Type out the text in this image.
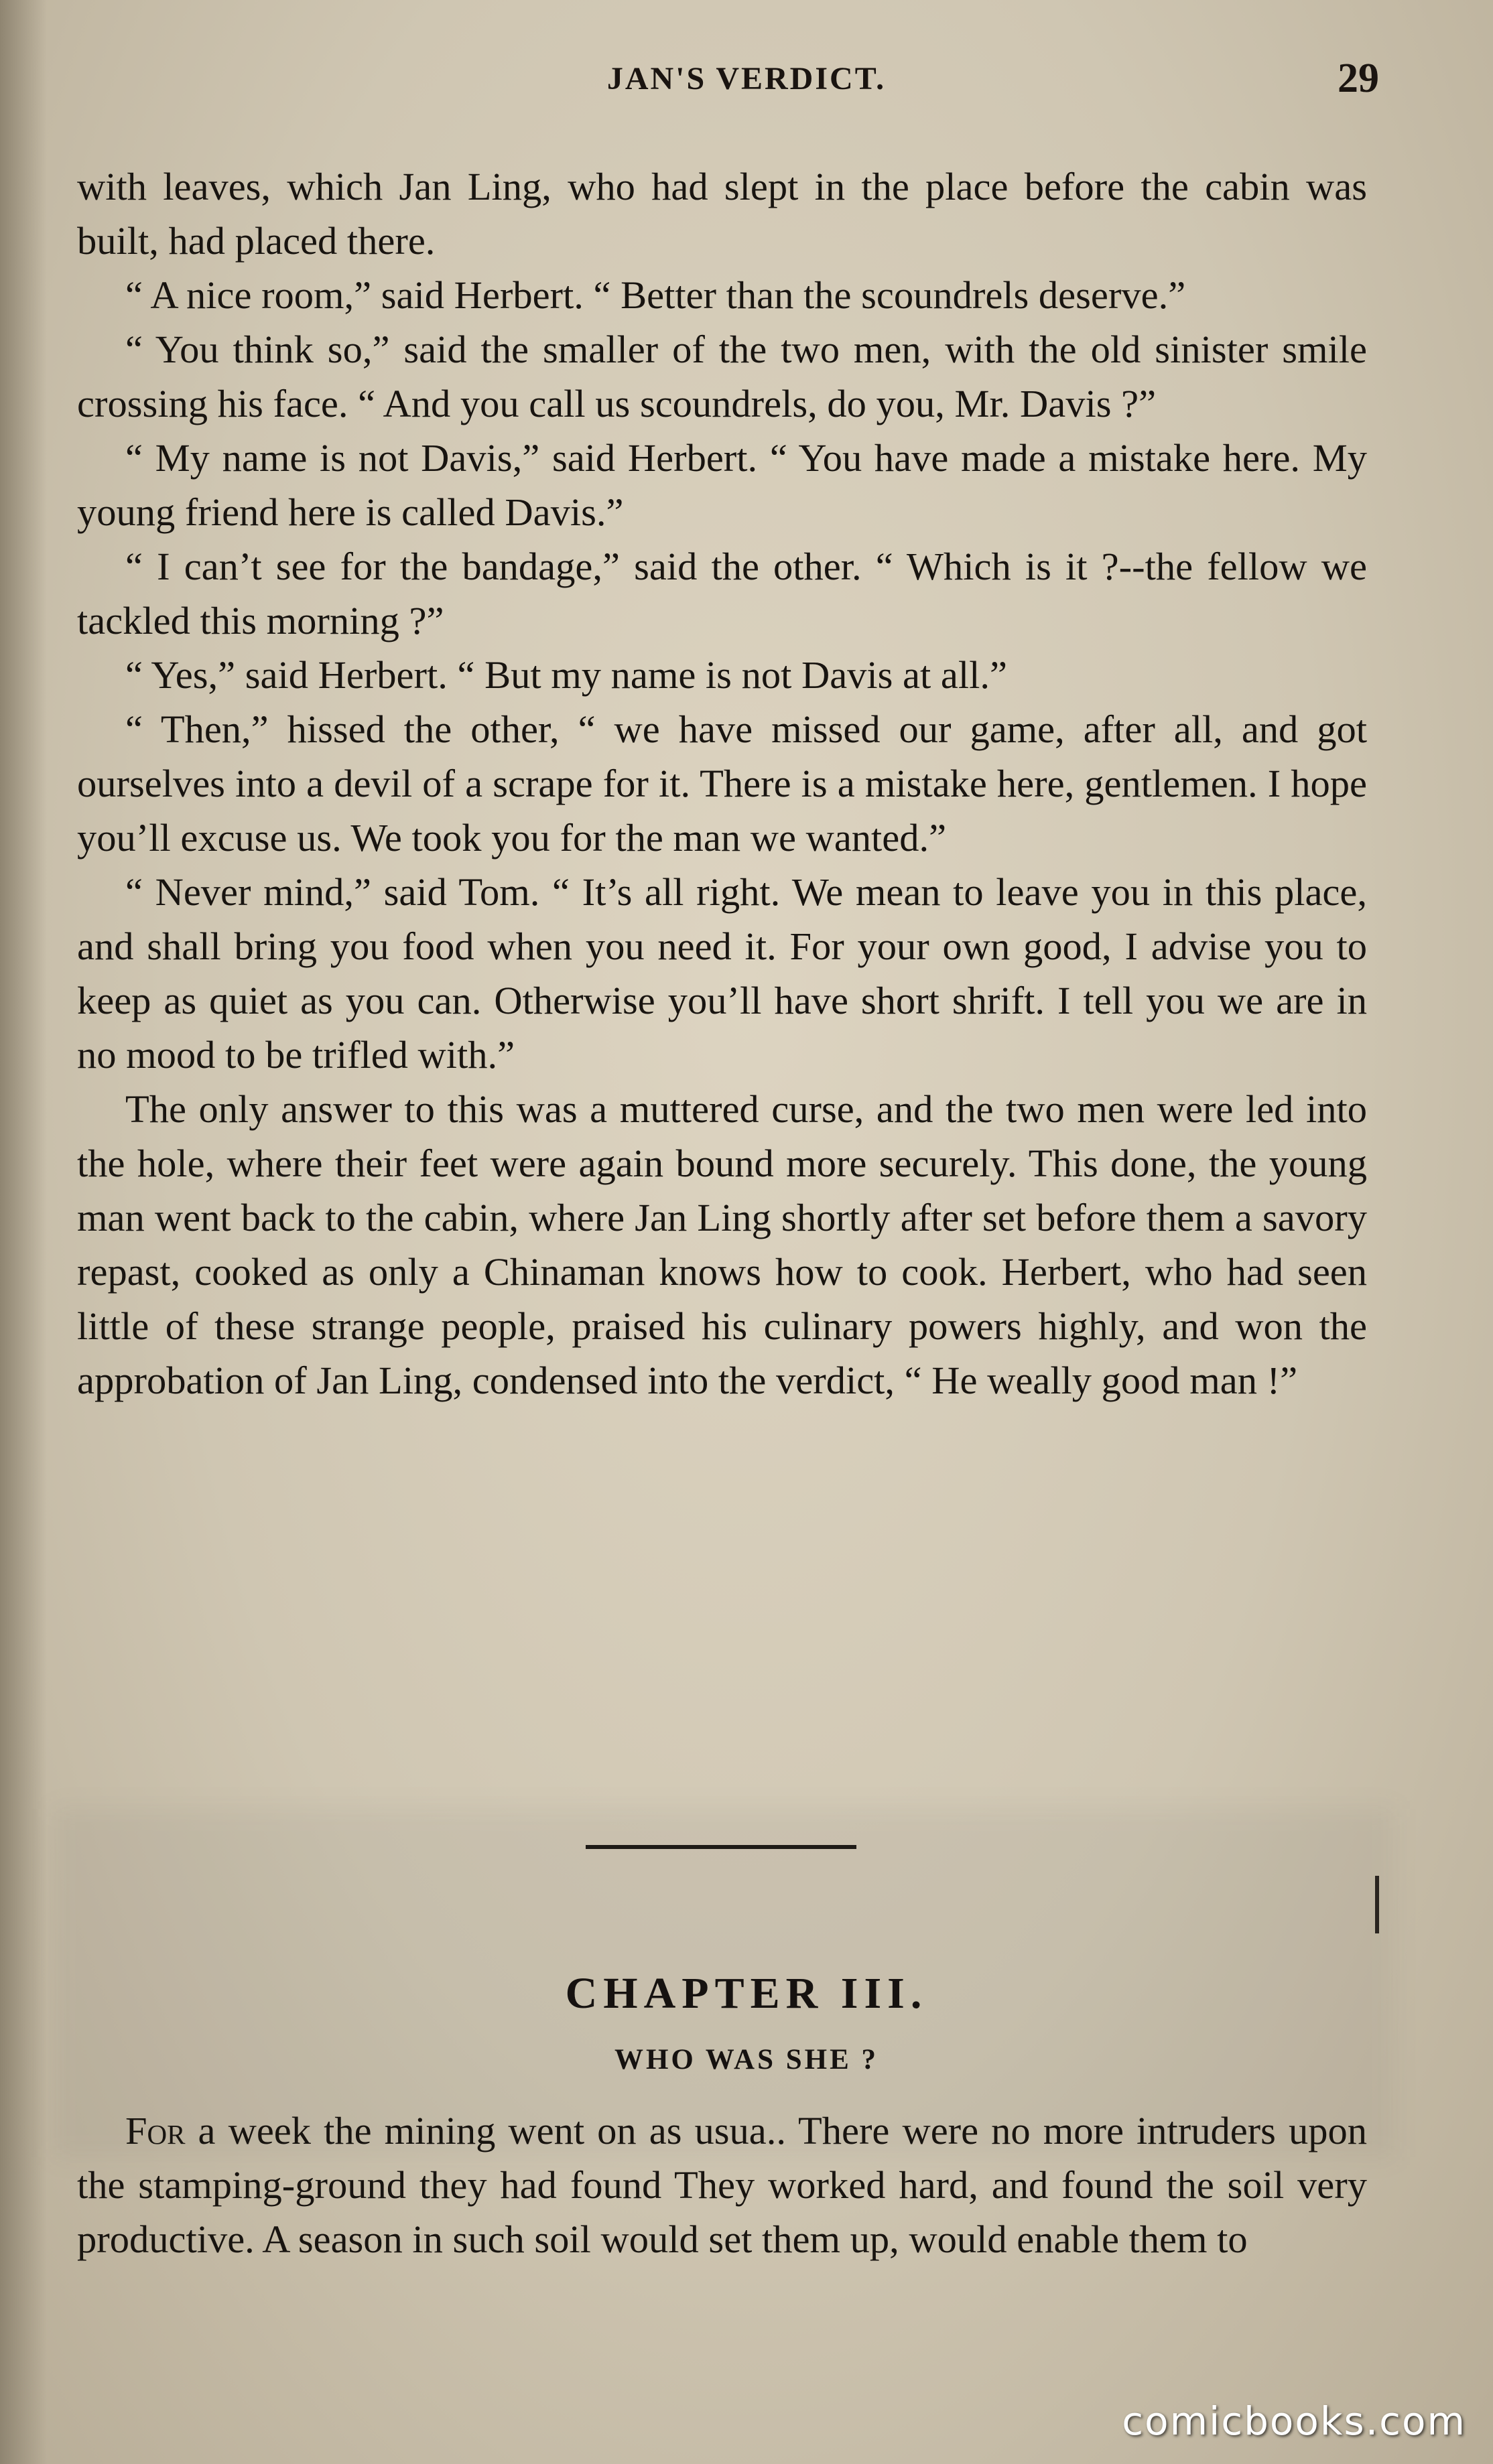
JAN'S VERDICT.	29

with leaves, which Jan Ling, who had slept in the place before the cabin was built, had placed there.

“ A nice room,” said Herbert. “ Better than the scoundrels deserve.”

“ You think so,” said the smaller of the two men, with the old sinister smile crossing his face. “ And you call us scoundrels, do you, Mr. Davis ?”

“ My name is not Davis,” said Herbert. “ You have made a mistake here. My young friend here is called Davis.”

“ I can’t see for the bandage,” said the other. “ Which is it ?--the fellow we tackled this morning ?”

“ Yes,” said Herbert. “ But my name is not Davis at all.”

“ Then,” hissed the other, “ we have missed our game, after all, and got ourselves into a devil of a scrape for it. There is a mistake here, gentlemen. I hope you’ll excuse us. We took you for the man we wanted.”

“ Never mind,” said Tom. “ It’s all right. We mean to leave you in this place, and shall bring you food when you need it. For your own good, I advise you to keep as quiet as you can. Otherwise you’ll have short shrift. I tell you we are in no mood to be trifled with.”

The only answer to this was a muttered curse, and the two men were led into the hole, where their feet were again bound more securely. This done, the young man went back to the cabin, where Jan Ling shortly after set before them a savory repast, cooked as only a Chinaman knows how to cook. Herbert, who had seen little of these strange people, praised his culinary powers highly, and won the approbation of Jan Ling, condensed into the verdict, “ He weally good man !”

CHAPTER III.
WHO WAS SHE ?

For a week the mining went on as usua.. There were no more intruders upon the stamping-ground they had found They worked hard, and found the soil very productive. A season in such soil would set them up, would enable them to

comicbooks.com
